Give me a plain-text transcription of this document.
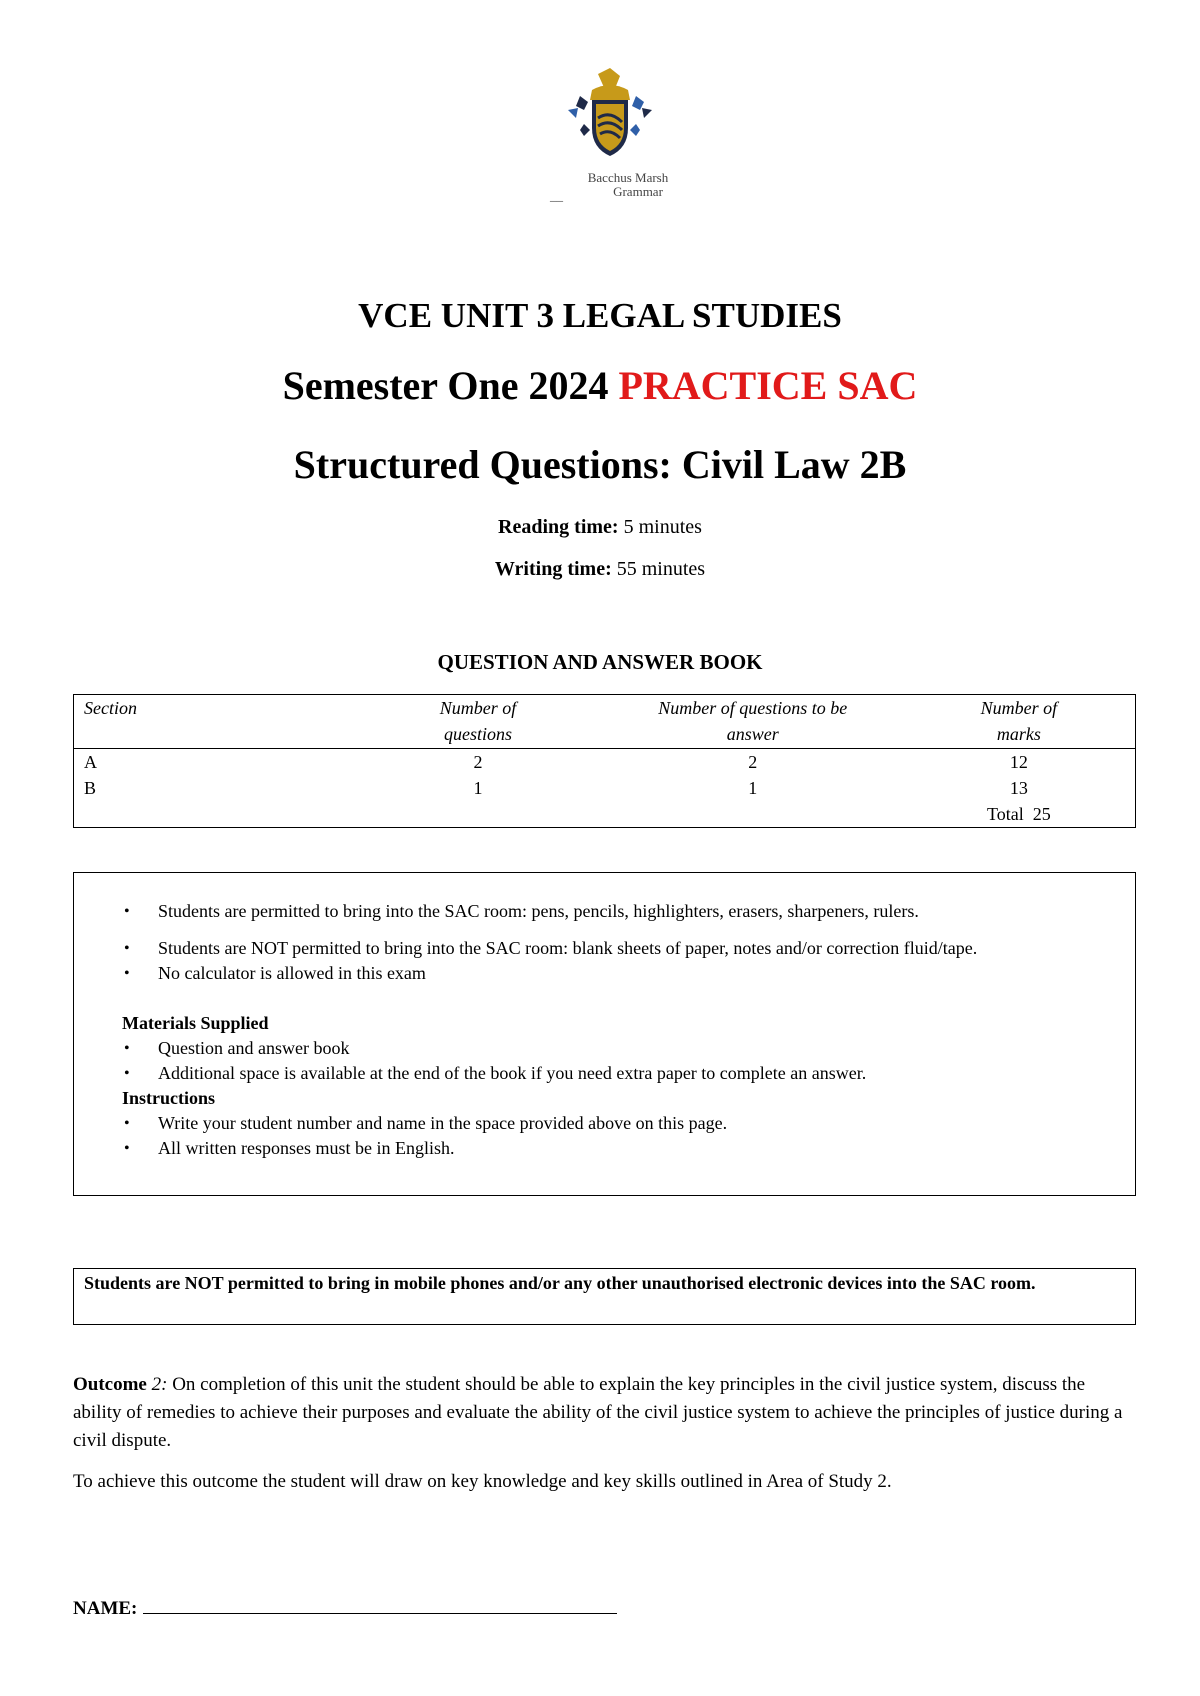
Bacchus Marsh
Grammar
__
VCE UNIT 3 LEGAL STUDIES
Semester One 2024 PRACTICE SAC
Structured Questions: Civil Law 2B
Reading time: 5 minutes
Writing time: 55 minutes
QUESTION AND ANSWER BOOK
Section	Number of questions	Number of questions to be answer	Number of marks
A	2	2	12
B	1	1	13
			Total 25
• Students are permitted to bring into the SAC room: pens, pencils, highlighters, erasers, sharpeners, rulers.
• Students are NOT permitted to bring into the SAC room: blank sheets of paper, notes and/or correction fluid/tape.
• No calculator is allowed in this exam
Materials Supplied
• Question and answer book
• Additional space is available at the end of the book if you need extra paper to complete an answer.
Instructions
• Write your student number and name in the space provided above on this page.
• All written responses must be in English.
Students are NOT permitted to bring in mobile phones and/or any other unauthorised electronic devices into the SAC room.
Outcome 2: On completion of this unit the student should be able to explain the key principles in the civil justice system, discuss the ability of remedies to achieve their purposes and evaluate the ability of the civil justice system to achieve the principles of justice during a civil dispute.
To achieve this outcome the student will draw on key knowledge and key skills outlined in Area of Study 2.
NAME:
